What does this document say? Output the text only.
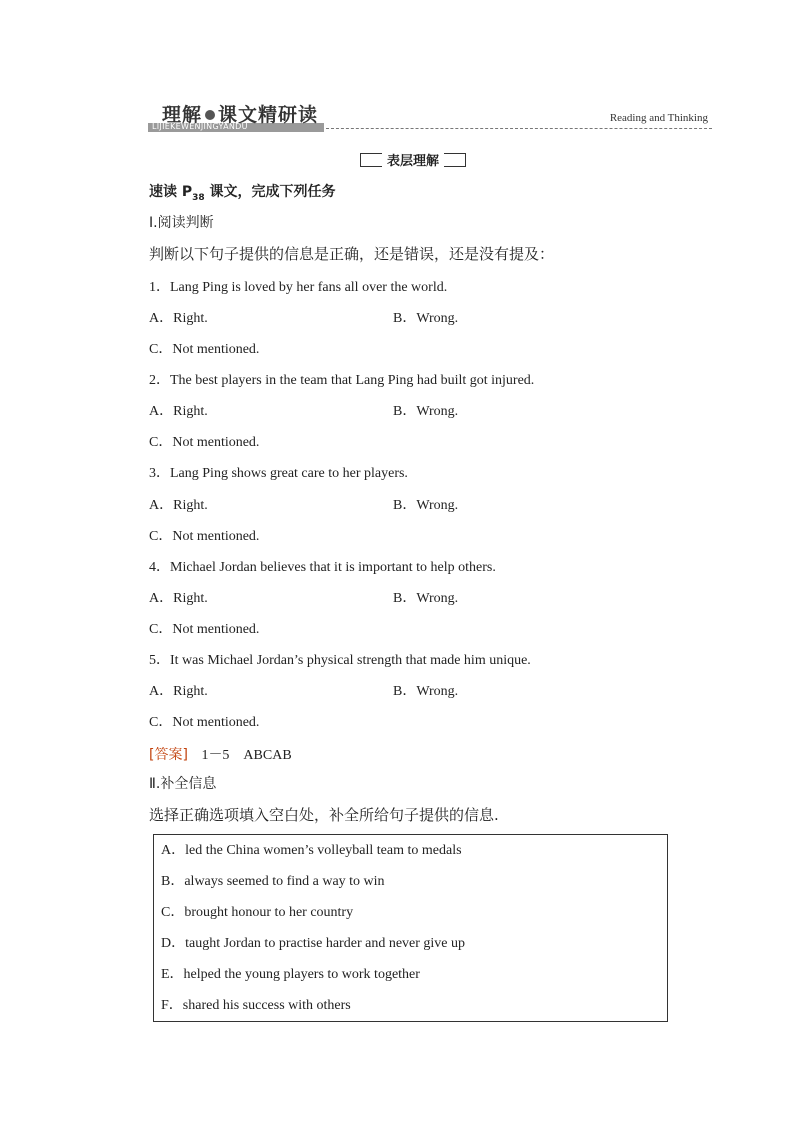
LIJIEKEWENJINGYANDU
理解 课文精研读	Reading and Thinking
表层理解
速读 $P_{38}$ 课文，完成下列任务
Ⅰ.阅读判断
判断以下句子提供的信息是正确，还是错误，还是没有提及：
1．Lang Ping is loved by her fans all over the world.
A．Right.	B．Wrong.
C．Not mentioned.
2．The best players in the team that Lang Ping had built got injured.
A．Right.	B．Wrong.
C．Not mentioned.
3．Lang Ping shows great care to her players.
A．Right.	B．Wrong.
C．Not mentioned.
4．Michael Jordan believes that it is important to help others.
A．Right.	B．Wrong.
C．Not mentioned.
5．It was Michael Jordan’s physical strength that made him unique.
A．Right.	B．Wrong.
C．Not mentioned.
[答案] 1－5　ABCAB
Ⅱ.补全信息
选择正确选项填入空白处，补全所给句子提供的信息.
A．led the China women’s volleyball team to medals
B．always seemed to find a way to win
C．brought honour to her country
D．taught Jordan to practise harder and never give up
E．helped the young players to work together
F．shared his success with others
